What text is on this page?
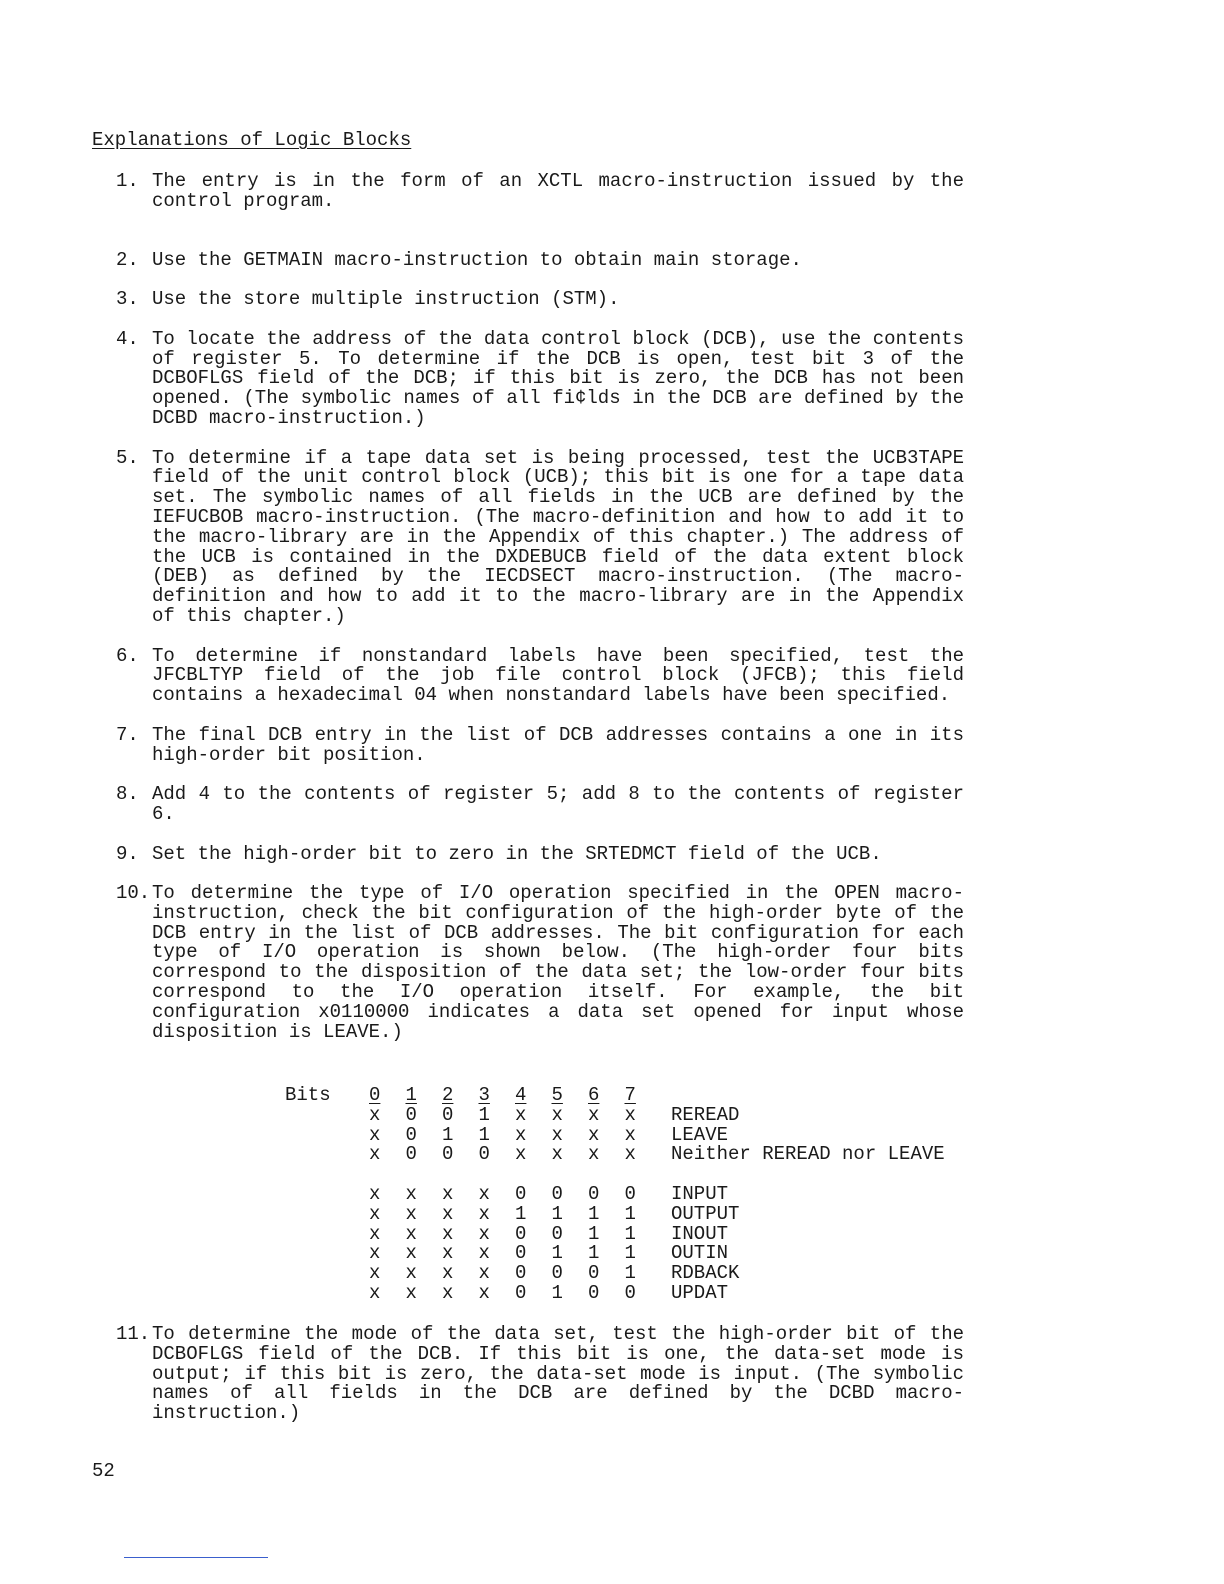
Explanations of Logic Blocks
1. The entry is in the form of an XCTL macro-instruction issued by the control program.
2. Use the GETMAIN macro-instruction to obtain main storage.
3. Use the store multiple instruction (STM).
4. To locate the address of the data control block (DCB), use the contents of register 5. To determine if the DCB is open, test bit 3 of the DCBOFLGS field of the DCB; if this bit is zero, the DCB has not been opened. (The symbolic names of all fi¢lds in the DCB are defined by the DCBD macro-instruction.)
5. To determine if a tape data set is being processed, test the UCB3TAPE field of the unit control block (UCB); this bit is one for a tape data set. The symbolic names of all fields in the UCB are defined by the IEFUCBOB macro-instruction. (The macro-definition and how to add it to the macro-library are in the Appendix of this chapter.) The address of the UCB is contained in the DXDEBUCB field of the data extent block (DEB) as defined by the IECDSECT macro-instruction. (The macro-definition and how to add it to the macro-library are in the Appendix of this chapter.)
6. To determine if nonstandard labels have been specified, test the JFCBLTYP field of the job file control block (JFCB); this field contains a hexadecimal 04 when nonstandard labels have been specified.
7. The final DCB entry in the list of DCB addresses contains a one in its high-order bit position.
8. Add 4 to the contents of register 5; add 8 to the contents of register 6.
9. Set the high-order bit to zero in the SRTEDMCT field of the UCB.
10. To determine the type of I/O operation specified in the OPEN macro-instruction, check the bit configuration of the high-order byte of the DCB entry in the list of DCB addresses. The bit configuration for each type of I/O operation is shown below. (The high-order four bits correspond to the disposition of the data set; the low-order four bits correspond to the I/O operation itself. For example, the bit configuration x0110000 indicates a data set opened for input whose disposition is LEAVE.)
Bits	0	1	2	3	4	5	6	7	
	x	0	0	1	x	x	x	x	REREAD
	x	0	1	1	x	x	x	x	LEAVE
	x	0	0	0	x	x	x	x	Neither REREAD nor LEAVE

	x	x	x	x	0	0	0	0	INPUT
	x	x	x	x	1	1	1	1	OUTPUT
	x	x	x	x	0	0	1	1	INOUT
	x	x	x	x	0	1	1	1	OUTIN
	x	x	x	x	0	0	0	1	RDBACK
	x	x	x	x	0	1	0	0	UPDAT
11. To determine the mode of the data set, test the high-order bit of the DCBOFLGS field of the DCB. If this bit is one, the data-set mode is output; if this bit is zero, the data-set mode is input. (The symbolic names of all fields in the DCB are defined by the DCBD macro-instruction.)
52
